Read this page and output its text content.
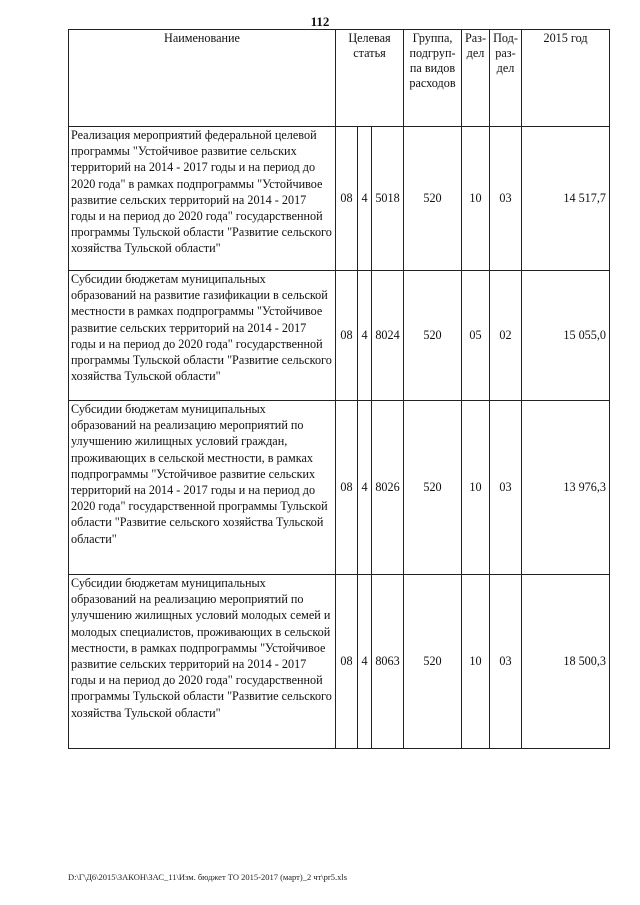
112
Наименование	Целевая статья			Группа, подгруп-па видов расходов	Раз-дел	Под-раз-дел	2015 год
Реализация мероприятий федеральной целевой программы "Устойчивое развитие сельских территорий на 2014 - 2017 годы и на период до 2020 года" в рамках подпрограммы "Устойчивое развитие сельских территорий на 2014 - 2017 годы и на период до 2020 года" государственной программы Тульской области "Развитие сельского хозяйства Тульской области"	08	4	5018	520	10	03	14 517,7
Субсидии бюджетам муниципальных образований на развитие газификации в сельской местности в рамках подпрограммы "Устойчивое развитие сельских территорий на 2014 - 2017 годы и на период до 2020 года" государственной программы Тульской области "Развитие сельского хозяйства Тульской области"	08	4	8024	520	05	02	15 055,0
Субсидии бюджетам муниципальных образований на реализацию мероприятий по улучшению жилищных условий граждан, проживающих в сельской местности, в рамках подпрограммы "Устойчивое развитие сельских территорий на 2014 - 2017 годы и на период до 2020 года" государственной программы Тульской области "Развитие сельского хозяйства Тульской области"	08	4	8026	520	10	03	13 976,3
Субсидии бюджетам муниципальных образований на реализацию мероприятий по улучшению жилищных условий молодых семей и молодых специалистов, проживающих в сельской местности, в рамках подпрограммы "Устойчивое развитие сельских территорий на 2014 - 2017 годы и на период до 2020 года" государственной программы Тульской области "Развитие сельского хозяйства Тульской области"	08	4	8063	520	10	03	18 500,3
D:\Г\Д6\2015\ЗАКОН\ЗАС_11\Изм. бюджет ТО 2015-2017 (март)_2 чт\pr5.xls
